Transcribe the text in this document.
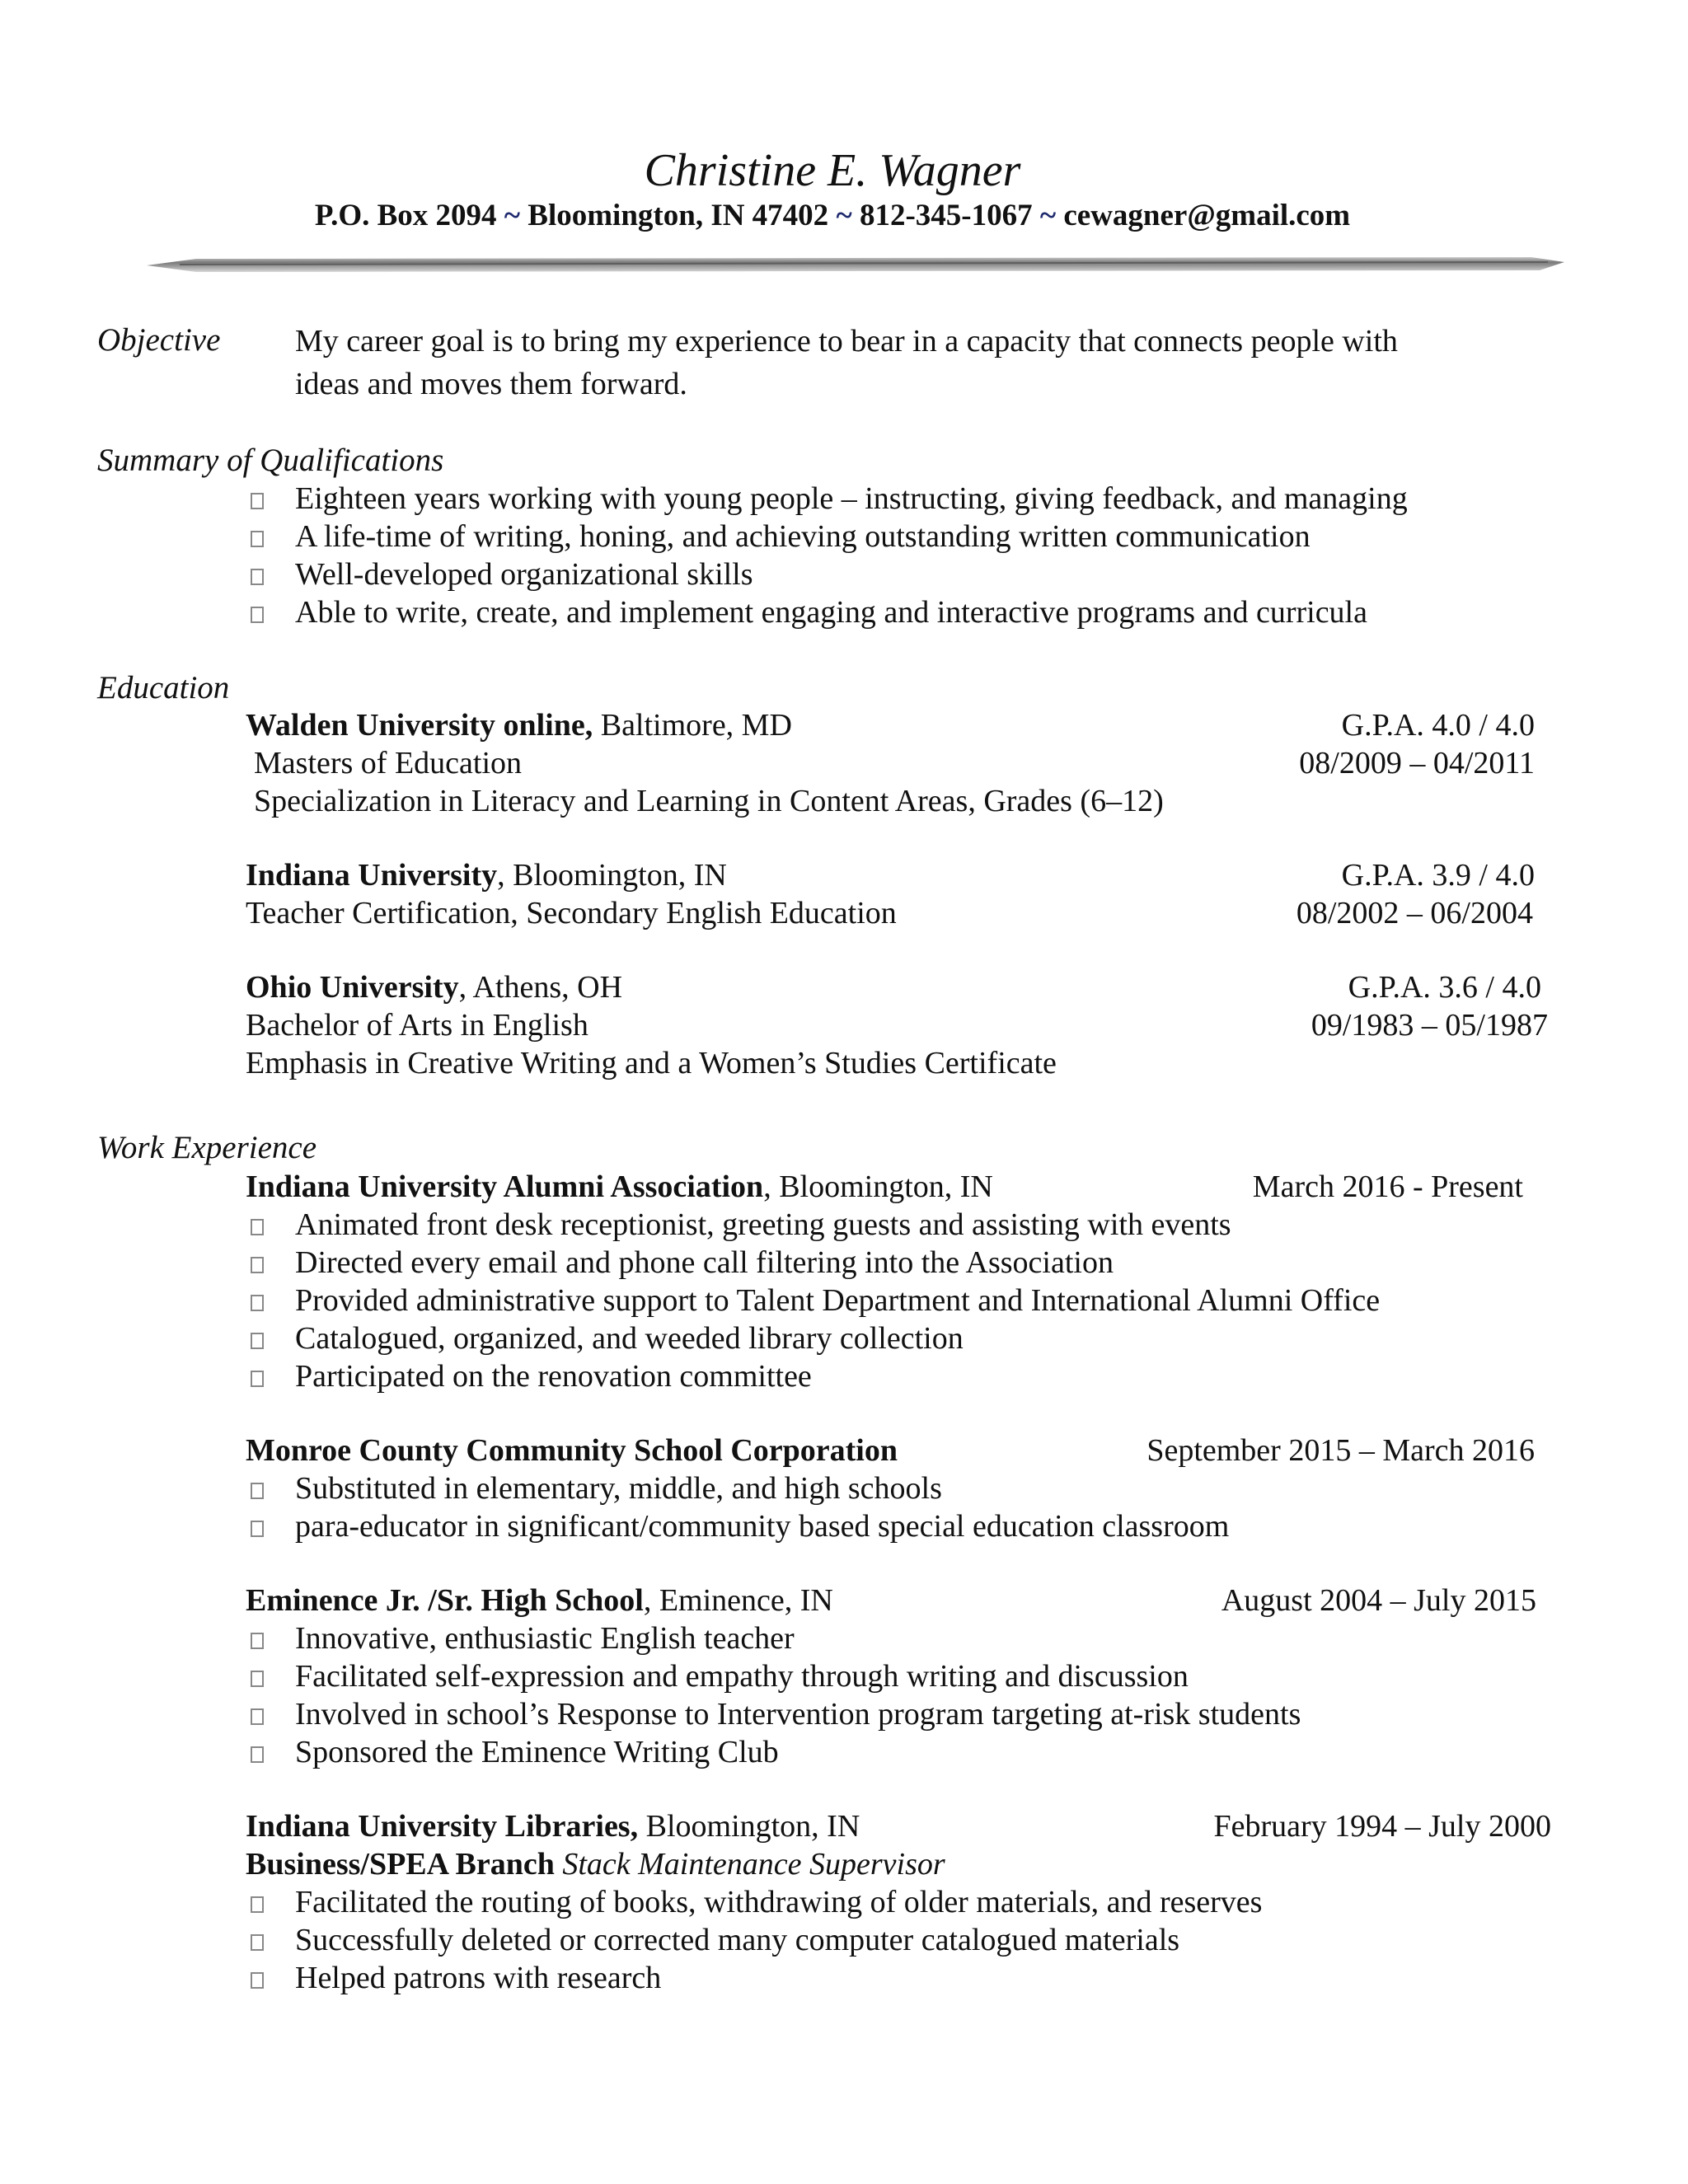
Christine E. Wagner
P.O. Box 2094 ~ Bloomington, IN 47402 ~ 812-345-1067 ~ cewagner@gmail.com
Objective My career goal is to bring my experience to bear in a capacity that connects people with
ideas and moves them forward.
Summary of Qualifications
Eighteen years working with young people – instructing, giving feedback, and managing
A life-time of writing, honing, and achieving outstanding written communication
Well-developed organizational skills
Able to write, create, and implement engaging and interactive programs and curricula
Education
Walden University online, Baltimore, MD	G.P.A. 4.0 / 4.0
Masters of Education	08/2009 – 04/2011
Specialization in Literacy and Learning in Content Areas, Grades (6–12)
Indiana University, Bloomington, IN	G.P.A. 3.9 / 4.0
Teacher Certification, Secondary English Education	08/2002 – 06/2004
Ohio University, Athens, OH	G.P.A. 3.6 / 4.0
Bachelor of Arts in English	09/1983 – 05/1987
Emphasis in Creative Writing and a Women’s Studies Certificate
Work Experience
Indiana University Alumni Association, Bloomington, IN	March 2016 - Present
Animated front desk receptionist, greeting guests and assisting with events
Directed every email and phone call filtering into the Association
Provided administrative support to Talent Department and International Alumni Office
Catalogued, organized, and weeded library collection
Participated on the renovation committee
Monroe County Community School Corporation	September 2015 – March 2016
Substituted in elementary, middle, and high schools
para-educator in significant/community based special education classroom
Eminence Jr. /Sr. High School, Eminence, IN	August 2004 – July 2015
Innovative, enthusiastic English teacher
Facilitated self-expression and empathy through writing and discussion
Involved in school’s Response to Intervention program targeting at-risk students
Sponsored the Eminence Writing Club
Indiana University Libraries, Bloomington, IN	February 1994 – July 2000
Business/SPEA Branch Stack Maintenance Supervisor
Facilitated the routing of books, withdrawing of older materials, and reserves
Successfully deleted or corrected many computer catalogued materials
Helped patrons with research
